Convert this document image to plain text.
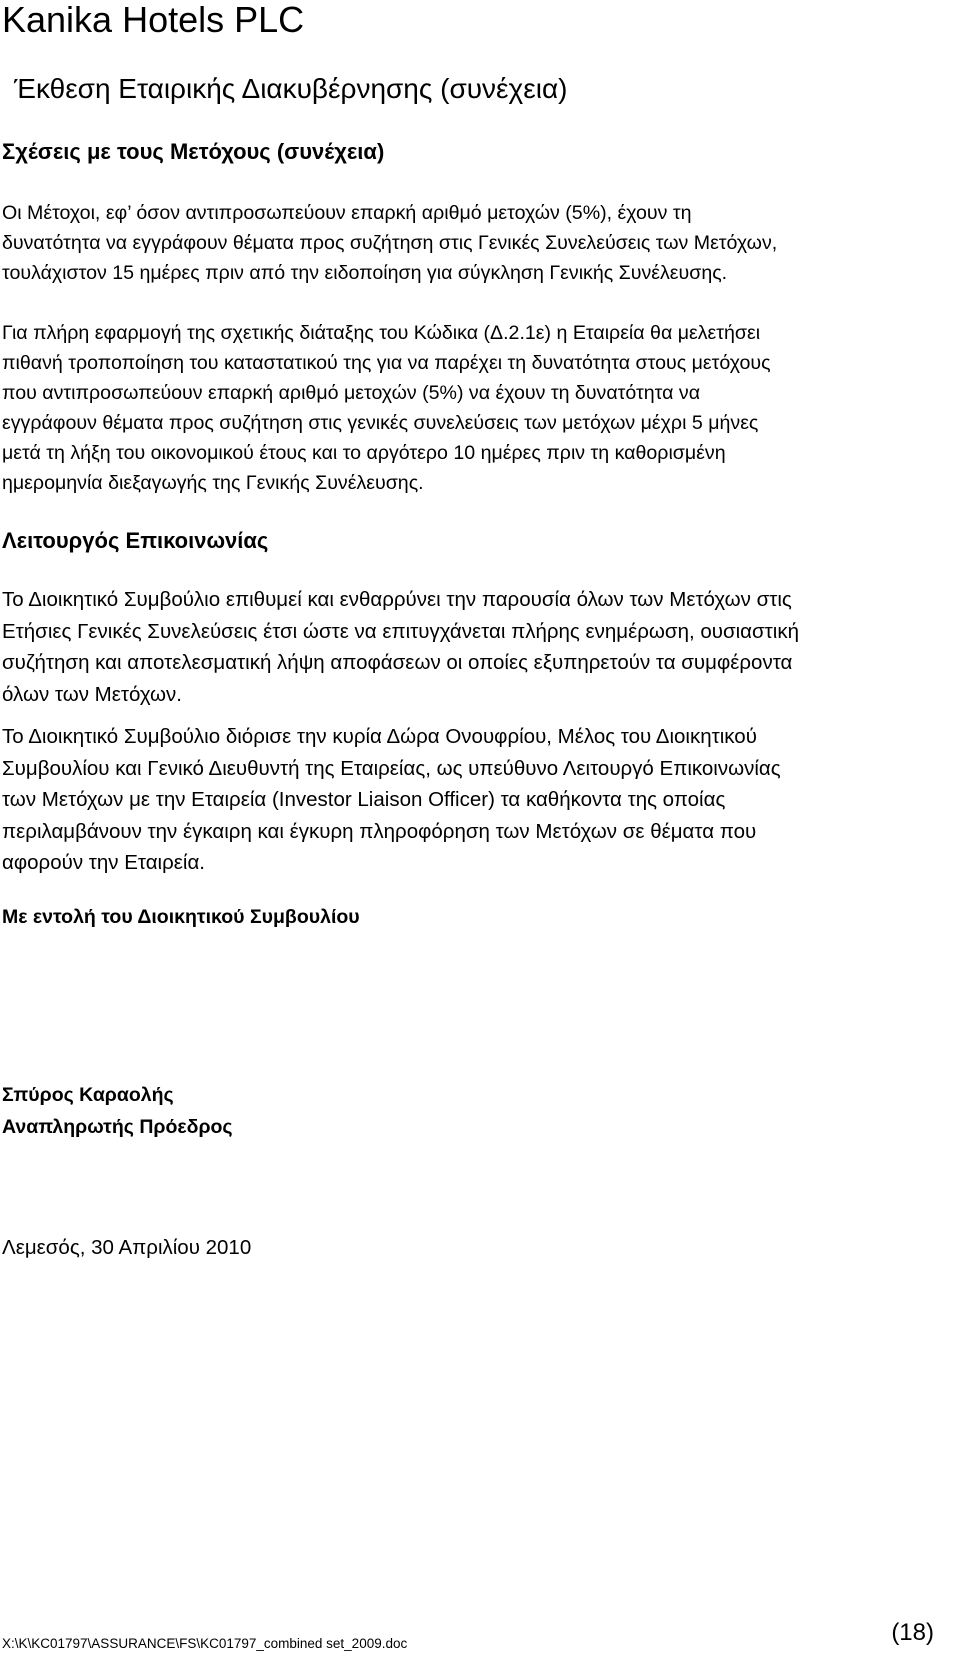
Kanika Hotels PLC
Έκθεση Εταιρικής Διακυβέρνησης (συνέχεια)
Σχέσεις με τους Μετόχους (συνέχεια)
Οι Μέτοχοι, εφ’ όσον αντιπροσωπεύουν επαρκή αριθμό μετοχών (5%), έχουν τη
δυνατότητα να εγγράφουν θέματα προς συζήτηση στις Γενικές Συνελεύσεις των Μετόχων,
τουλάχιστον 15 ημέρες πριν από την ειδοποίηση για σύγκληση Γενικής Συνέλευσης.
Για πλήρη εφαρμογή της σχετικής διάταξης του Κώδικα (Δ.2.1ε) η Εταιρεία θα μελετήσει
πιθανή τροποποίηση του καταστατικού της για να παρέχει τη δυνατότητα στους μετόχους
που αντιπροσωπεύουν επαρκή αριθμό μετοχών (5%) να έχουν τη δυνατότητα να
εγγράφουν θέματα προς συζήτηση στις γενικές συνελεύσεις των μετόχων μέχρι 5 μήνες
μετά τη λήξη του οικονομικού έτους και το αργότερο 10 ημέρες πριν τη καθορισμένη
ημερομηνία διεξαγωγής της Γενικής Συνέλευσης.
Λειτουργός Επικοινωνίας
Το Διοικητικό Συμβούλιο επιθυμεί και ενθαρρύνει την παρουσία όλων των Μετόχων στις
Ετήσιες Γενικές Συνελεύσεις έτσι ώστε να επιτυγχάνεται πλήρης ενημέρωση, ουσιαστική
συζήτηση και αποτελεσματική λήψη αποφάσεων οι οποίες εξυπηρετούν τα συμφέροντα
όλων των Μετόχων.
Το Διοικητικό Συμβούλιο διόρισε την κυρία Δώρα Ονουφρίου, Μέλος του Διοικητικού
Συμβουλίου και Γενικό Διευθυντή της Εταιρείας, ως υπεύθυνο Λειτουργό Επικοινωνίας
των Μετόχων με την Εταιρεία (Investor Liaison Officer) τα καθήκοντα της οποίας
περιλαμβάνουν την έγκαιρη και έγκυρη πληροφόρηση των Μετόχων σε θέματα που
αφορούν την Εταιρεία.
Με εντολή του Διοικητικού Συμβουλίου
Σπύρος Καραολής
Αναπληρωτής Πρόεδρος
Λεμεσός, 30 Απριλίου 2010
X:\K\KC01797\ASSURANCE\FS\KC01797_combined set_2009.doc	(18)
